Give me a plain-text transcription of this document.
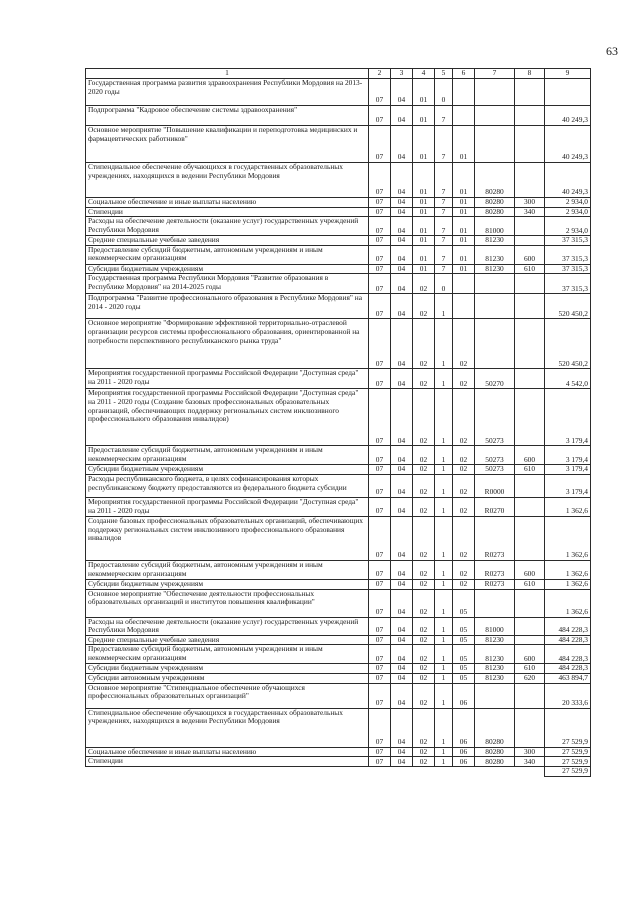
63
1	2	3	4	5	6	7	8	9
Государственная программа развития здравоохранения Республики Мордовия на 2013-2020 годы	07	04	01	0				
Подпрограмма "Кадровое обеспечение системы здравоохранения"	07	04	01	7				40 249,3
Основное мероприятие "Повышение квалификации и переподготовка медицинских и фармацевтических работников"	07	04	01	7	01			40 249,3
Стипендиальное обеспечение обучающихся в государственных образовательных учреждениях, находящихся в ведении Республики Мордовия	07	04	01	7	01	80280		40 249,3
Социальное обеспечение и иные выплаты населению	07	04	01	7	01	80280	300	2 934,0
Стипендии	07	04	01	7	01	80280	340	2 934,0
Расходы на обеспечение деятельности (оказание услуг) государственных учреждений Республики Мордовия	07	04	01	7	01	81000		2 934,0
Средние специальные учебные заведения	07	04	01	7	01	81230		37 315,3
Предоставление субсидий бюджетным, автономным учреждениям и иным некоммерческим организациям	07	04	01	7	01	81230	600	37 315,3
Субсидии бюджетным учреждениям	07	04	01	7	01	81230	610	37 315,3
Государственная программа Республики Мордовия "Развитие образования в Республике Мордовия" на 2014-2025 годы	07	04	02	0				37 315,3
Подпрограмма "Развитие профессионального образования в Республике Мордовия" на 2014 - 2020 годы	07	04	02	1				520 450,2
Основное мероприятие "Формирование эффективной территориально-отраслевой организации ресурсов системы профессионального образования, ориентированной на потребности перспективного республиканского рынка труда"	07	04	02	1	02			520 450,2
Мероприятия государственной программы Российской Федерации "Доступная среда" на 2011 - 2020 годы	07	04	02	1	02	50270		4 542,0
Мероприятия государственной программы Российской Федерации "Доступная среда" на 2011 - 2020 годы (Создание базовых профессиональных образовательных организаций, обеспечивающих поддержку региональных систем инклюзивного профессионального образования инвалидов)	07	04	02	1	02	50273		3 179,4
Предоставление субсидий бюджетным, автономным учреждениям и иным некоммерческим организациям	07	04	02	1	02	50273	600	3 179,4
Субсидии бюджетным учреждениям	07	04	02	1	02	50273	610	3 179,4
Расходы республиканского бюджета, в целях софинансирования которых республиканскому бюджету предоставляются из федерального бюджета субсидии	07	04	02	1	02	R0000		3 179,4
Мероприятия государственной программы Российской Федерации "Доступная среда" на 2011 - 2020 годы	07	04	02	1	02	R0270		1 362,6
Создание базовых профессиональных образовательных организаций, обеспечивающих поддержку региональных систем инклюзивного профессионального образования инвалидов	07	04	02	1	02	R0273		1 362,6
Предоставление субсидий бюджетным, автономным учреждениям и иным некоммерческим организациям	07	04	02	1	02	R0273	600	1 362,6
Субсидии бюджетным учреждениям	07	04	02	1	02	R0273	610	1 362,6
Основное мероприятие "Обеспечение деятельности профессиональных образовательных организаций и институтов повышения квалификации"	07	04	02	1	05			1 362,6
Расходы на обеспечение деятельности (оказание услуг) государственных учреждений Республики Мордовия	07	04	02	1	05	81000		484 228,3
Средние специальные учебные заведения	07	04	02	1	05	81230		484 228,3
Предоставление субсидий бюджетным, автономным учреждениям и иным некоммерческим организациям	07	04	02	1	05	81230	600	484 228,3
Субсидии бюджетным учреждениям	07	04	02	1	05	81230	610	484 228,3
Субсидии автономным учреждениям	07	04	02	1	05	81230	620	463 894,7
Основное мероприятие "Стипендиальное обеспечение обучающихся профессиональных образовательных организаций"	07	04	02	1	06			20 333,6
Стипендиальное обеспечение обучающихся в государственных образовательных учреждениях, находящихся в ведении Республики Мордовия	07	04	02	1	06	80280		27 529,9
Социальное обеспечение и иные выплаты населению	07	04	02	1	06	80280	300	27 529,9
Стипендии	07	04	02	1	06	80280	340	27 529,9
								27 529,9
